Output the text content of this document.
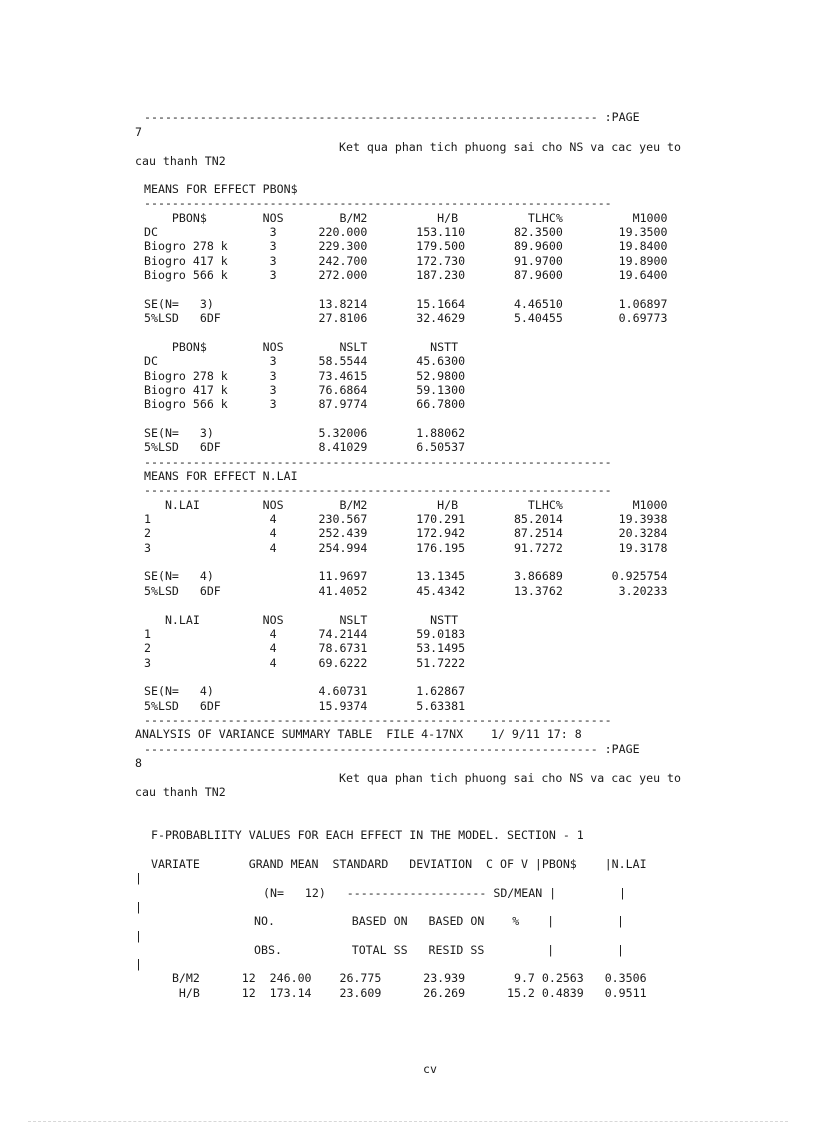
----------------------------------------------------------------- :PAGE
7
Ket qua phan tich phuong sai cho NS va cac yeu to
cau thanh TN2
MEANS FOR EFFECT PBON$
-------------------------------------------------------------------
PBON$        NOS        B/M2          H/B          TLHC%          M1000
DC                3      220.000       153.110       82.3500        19.3500
Biogro 278 k      3      229.300       179.500       89.9600        19.8400
Biogro 417 k      3      242.700       172.730       91.9700        19.8900
Biogro 566 k      3      272.000       187.230       87.9600        19.6400
SE(N=   3)               13.8214       15.1664       4.46510        1.06897
5%LSD   6DF              27.8106       32.4629       5.40455        0.69773
PBON$        NOS        NSLT         NSTT
DC                3      58.5544       45.6300
Biogro 278 k      3      73.4615       52.9800
Biogro 417 k      3      76.6864       59.1300
Biogro 566 k      3      87.9774       66.7800
SE(N=   3)               5.32006       1.88062
5%LSD   6DF              8.41029       6.50537
-------------------------------------------------------------------
MEANS FOR EFFECT N.LAI
-------------------------------------------------------------------
N.LAI         NOS        B/M2          H/B          TLHC%          M1000
1                 4      230.567       170.291       85.2014        19.3938
2                 4      252.439       172.942       87.2514        20.3284
3                 4      254.994       176.195       91.7272        19.3178
SE(N=   4)               11.9697       13.1345       3.86689       0.925754
5%LSD   6DF              41.4052       45.4342       13.3762        3.20233
N.LAI         NOS        NSLT         NSTT
1                 4      74.2144       59.0183
2                 4      78.6731       53.1495
3                 4      69.6222       51.7222
SE(N=   4)               4.60731       1.62867
5%LSD   6DF              15.9374       5.63381
-------------------------------------------------------------------
ANALYSIS OF VARIANCE SUMMARY TABLE  FILE 4-17NX    1/ 9/11 17: 8
----------------------------------------------------------------- :PAGE
8
Ket qua phan tich phuong sai cho NS va cac yeu to
cau thanh TN2
F-PROBABLIITY VALUES FOR EACH EFFECT IN THE MODEL. SECTION - 1
VARIATE       GRAND MEAN  STANDARD   DEVIATION  C OF V |PBON$    |N.LAI
|
(N=   12)   -------------------- SD/MEAN |         |
|
NO.           BASED ON   BASED ON    %    |         |
|
OBS.          TOTAL SS   RESID SS         |         |
|
B/M2      12  246.00    26.775      23.939       9.7 0.2563   0.3506
H/B      12  173.14    23.609      26.269      15.2 0.4839   0.9511
cv
